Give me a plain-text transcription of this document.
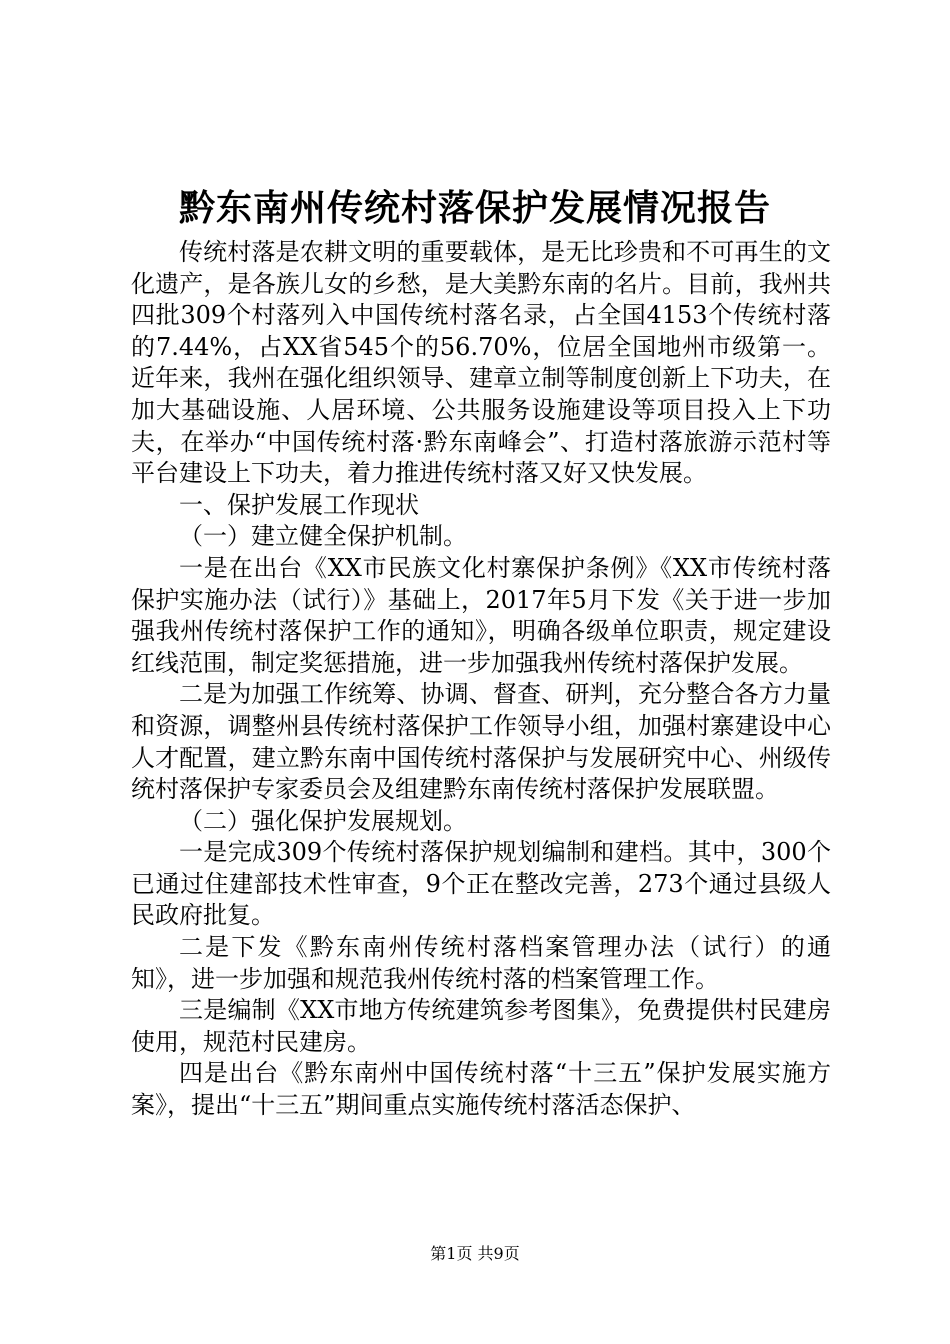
黔东南州传统村落保护发展情况报告

传统村落是农耕文明的重要载体，是无比珍贵和不可再生的文化遗产，是各族儿女的乡愁，是大美黔东南的名片。目前，我州共四批309个村落列入中国传统村落名录，占全国4153个传统村落的7.44%，占XX省545个的56.70%，位居全国地州市级第一。近年来，我州在强化组织领导、建章立制等制度创新上下功夫，在加大基础设施、人居环境、公共服务设施建设等项目投入上下功夫，在举办“中国传统村落·黔东南峰会”、打造村落旅游示范村等平台建设上下功夫，着力推进传统村落又好又快发展。

一、保护发展工作现状

（一）建立健全保护机制。

一是在出台《XX市民族文化村寨保护条例》《XX市传统村落保护实施办法（试行）》基础上，2017年5月下发《关于进一步加强我州传统村落保护工作的通知》，明确各级单位职责，规定建设红线范围，制定奖惩措施，进一步加强我州传统村落保护发展。

二是为加强工作统筹、协调、督查、研判，充分整合各方力量和资源，调整州县传统村落保护工作领导小组，加强村寨建设中心人才配置，建立黔东南中国传统村落保护与发展研究中心、州级传统村落保护专家委员会及组建黔东南传统村落保护发展联盟。

（二）强化保护发展规划。

一是完成309个传统村落保护规划编制和建档。其中，300个已通过住建部技术性审查，9个正在整改完善，273个通过县级人民政府批复。

二是下发《黔东南州传统村落档案管理办法（试行）的通知》，进一步加强和规范我州传统村落的档案管理工作。

三是编制《XX市地方传统建筑参考图集》，免费提供村民建房使用，规范村民建房。

四是出台《黔东南州中国传统村落“十三五”保护发展实施方案》，提出“十三五”期间重点实施传统村落活态保护、

第1页 共9页
